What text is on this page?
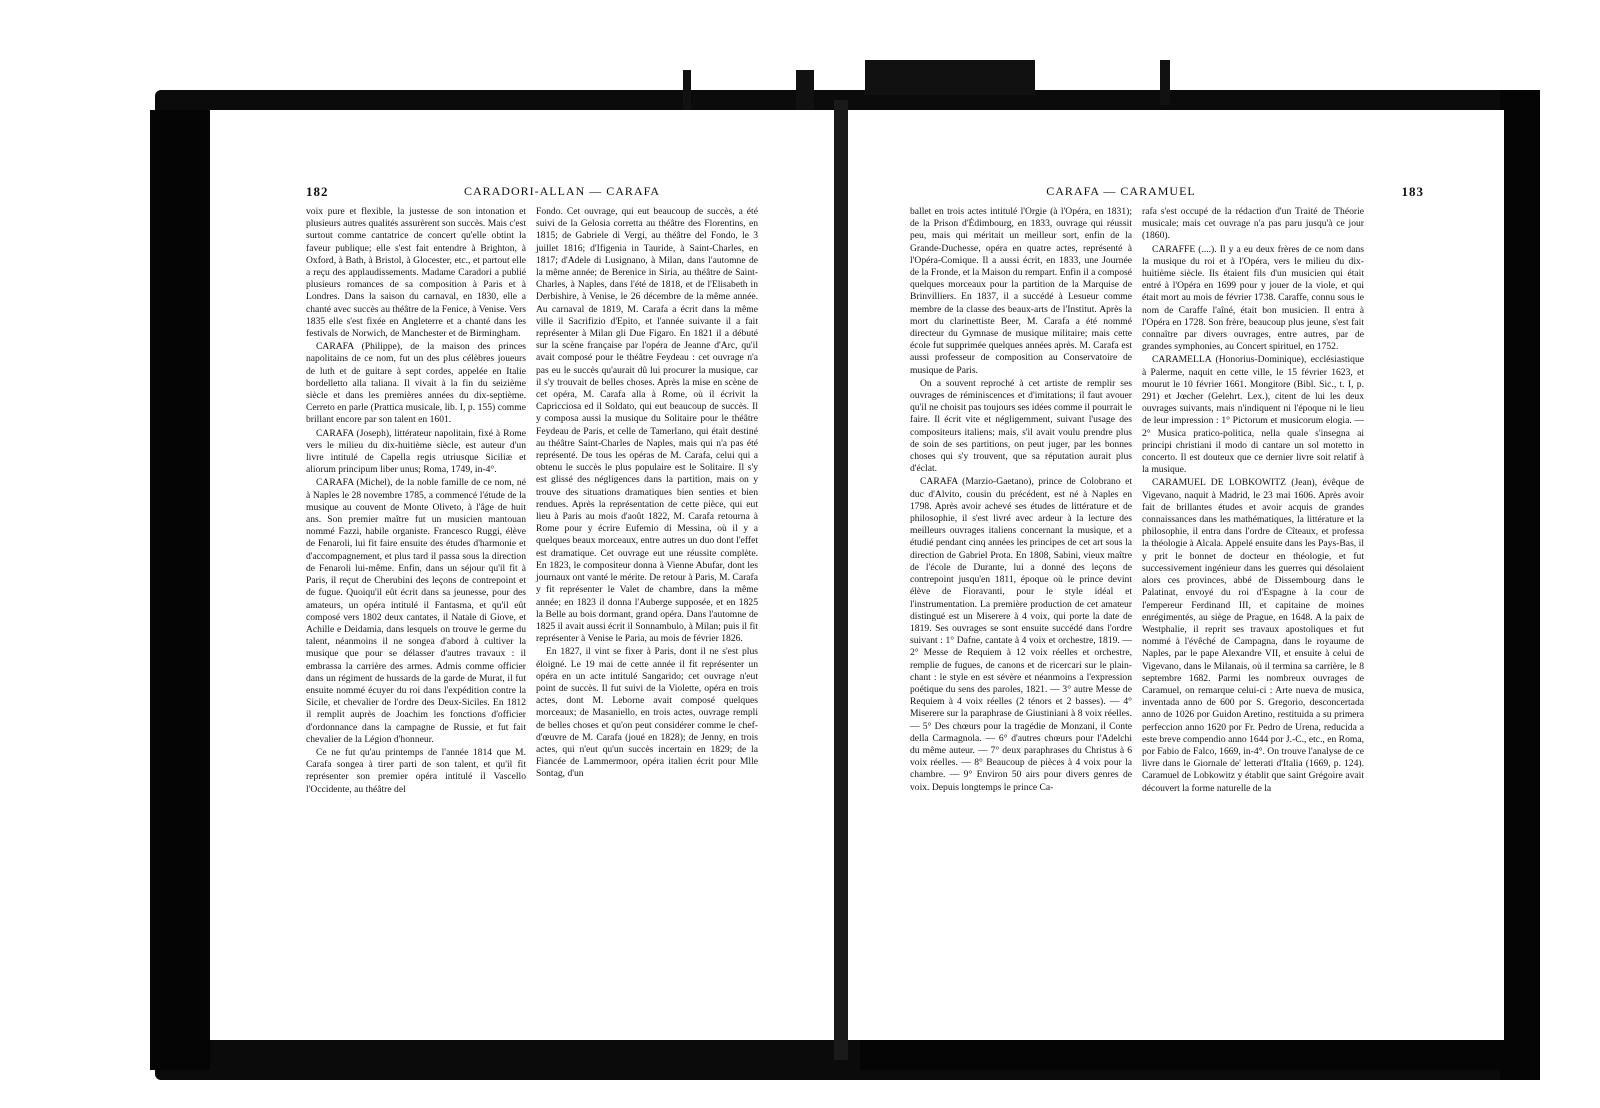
182	CARADORI-ALLAN — CARAFA

voix pure et flexible, la justesse de son intonation et plusieurs autres qualités assurèrent son succès. Mais c'est surtout comme cantatrice de concert qu'elle obtint la faveur publique; elle s'est fait entendre à Brighton, à Oxford, à Bath, à Bristol, à Glocester, etc., et partout elle a reçu des applaudissements. Madame Caradori a publié plusieurs romances de sa composition à Paris et à Londres. Dans la saison du carnaval, en 1830, elle a chanté avec succès au théâtre de la Fenice, à Venise. Vers 1835 elle s'est fixée en Angleterre et a chanté dans les festivals de Norwich, de Manchester et de Birmingham.

CARAFA (Philippe), de la maison des princes napolitains de ce nom, fut un des plus célèbres joueurs de luth et de guitare à sept cordes, appelée en Italie bordelletto alla taliana. Il vivait à la fin du seizième siècle et dans les premières années du dix-septième. Cerreto en parle (Prattica musicale, lib. I, p. 155) comme brillant encore par son talent en 1601.

CARAFA (Joseph), littérateur napolitain, fixé à Rome vers le milieu du dix-huitième siècle, est auteur d'un livre intitulé de Capella regis utriusque Siciliæ et aliorum principum liber unus; Roma, 1749, in-4°.

CARAFA (Michel), de la noble famille de ce nom, né à Naples le 28 novembre 1785, a commencé l'étude de la musique au couvent de Monte Oliveto, à l'âge de huit ans. Son premier maître fut un musicien mantouan nommé Fazzi, habile organiste. Francesco Ruggi, élève de Fenaroli, lui fit faire ensuite des études d'harmonie et d'accompagnement, et plus tard il passa sous la direction de Fenaroli lui-même. Enfin, dans un séjour qu'il fit à Paris, il reçut de Cherubini des leçons de contrepoint et de fugue. Quoiqu'il eût écrit dans sa jeunesse, pour des amateurs, un opéra intitulé il Fantasma, et qu'il eût composé vers 1802 deux cantates, il Natale di Giove, et Achille e Deidamia, dans lesquels on trouve le germe du talent, néanmoins il ne songea d'abord à cultiver la musique que pour se délasser d'autres travaux : il embrassa la carrière des armes. Admis comme officier dans un régiment de hussards de la garde de Murat, il fut ensuite nommé écuyer du roi dans l'expédition contre la Sicile, et chevalier de l'ordre des Deux-Siciles. En 1812 il remplit auprès de Joachim les fonctions d'officier d'ordonnance dans la campagne de Russie, et fut fait chevalier de la Légion d'honneur.

Ce ne fut qu'au printemps de l'année 1814 que M. Carafa songea à tirer parti de son talent, et qu'il fit représenter son premier opéra intitulé il Vascello l'Occidente, au théâtre del

Fondo. Cet ouvrage, qui eut beaucoup de succès, a été suivi de la Gelosia corretta au théâtre des Florentins, en 1815; de Gabriele di Vergi, au théâtre del Fondo, le 3 juillet 1816; d'Ifigenia in Tauride, à Saint-Charles, en 1817; d'Adele di Lusignano, à Milan, dans l'automne de la même année; de Berenice in Siria, au théâtre de Saint-Charles, à Naples, dans l'été de 1818, et de l'Elisabeth in Derbishire, à Venise, le 26 décembre de la même année. Au carnaval de 1819, M. Carafa a écrit dans la même ville il Sacrifizio d'Epito, et l'année suivante il a fait représenter à Milan gli Due Figaro. En 1821 il a débuté sur la scène française par l'opéra de Jeanne d'Arc, qu'il avait composé pour le théâtre Feydeau : cet ouvrage n'a pas eu le succès qu'aurait dû lui procurer la musique, car il s'y trouvait de belles choses. Après la mise en scène de cet opéra, M. Carafa alla à Rome, où il écrivit la Capricciosa ed il Soldato, qui eut beaucoup de succès. Il y composa aussi la musique du Solitaire pour le théâtre Feydeau de Paris, et celle de Tamerlano, qui était destiné au théâtre Saint-Charles de Naples, mais qui n'a pas été représenté. De tous les opéras de M. Carafa, celui qui a obtenu le succès le plus populaire est le Solitaire. Il s'y est glissé des négligences dans la partition, mais on y trouve des situations dramatiques bien senties et bien rendues. Après la représentation de cette pièce, qui eut lieu à Paris au mois d'août 1822, M. Carafa retourna à Rome pour y écrire Eufemio di Messina, où il y a quelques beaux morceaux, entre autres un duo dont l'effet est dramatique. Cet ouvrage eut une réussite complète. En 1823, le compositeur donna à Vienne Abufar, dont les journaux ont vanté le mérite. De retour à Paris, M. Carafa y fit représenter le Valet de chambre, dans la même année; en 1823 il donna l'Auberge supposée, et en 1825 la Belle au bois dormant, grand opéra. Dans l'automne de 1825 il avait aussi écrit il Sonnambulo, à Milan; puis il fit représenter à Venise le Paria, au mois de février 1826.

En 1827, il vint se fixer à Paris, dont il ne s'est plus éloigné. Le 19 mai de cette année il fit représenter un opéra en un acte intitulé Sangarido; cet ouvrage n'eut point de succès. Il fut suivi de la Violette, opéra en trois actes, dont M. Leborne avait composé quelques morceaux; de Masaniello, en trois actes, ouvrage rempli de belles choses et qu'on peut considérer comme le chef-d'œuvre de M. Carafa (joué en 1828); de Jenny, en trois actes, qui n'eut qu'un succès incertain en 1829; de la Fiancée de Lammermoor, opéra italien écrit pour Mlle Sontag, d'un

CARAFA — CARAMUEL	183

ballet en trois actes intitulé l'Orgie (à l'Opéra, en 1831); de la Prison d'Édimbourg, en 1833, ouvrage qui réussit peu, mais qui méritait un meilleur sort, enfin de la Grande-Duchesse, opéra en quatre actes, représenté à l'Opéra-Comique. Il a aussi écrit, en 1833, une Journée de la Fronde, et la Maison du rempart. Enfin il a composé quelques morceaux pour la partition de la Marquise de Brinvilliers. En 1837, il a succédé à Lesueur comme membre de la classe des beaux-arts de l'Institut. Après la mort du clarinettiste Beer, M. Carafa a été nommé directeur du Gymnase de musique militaire; mais cette école fut supprimée quelques années après. M. Carafa est aussi professeur de composition au Conservatoire de musique de Paris.

On a souvent reproché à cet artiste de remplir ses ouvrages de réminiscences et d'imitations; il faut avouer qu'il ne choisit pas toujours ses idées comme il pourrait le faire. Il écrit vite et négligemment, suivant l'usage des compositeurs italiens; mais, s'il avait voulu prendre plus de soin de ses partitions, on peut juger, par les bonnes choses qui s'y trouvent, que sa réputation aurait plus d'éclat.

CARAFA (Marzio-Gaetano), prince de Colobrano et duc d'Alvito, cousin du précédent, est né à Naples en 1798. Après avoir achevé ses études de littérature et de philosophie, il s'est livré avec ardeur à la lecture des meilleurs ouvrages italiens concernant la musique, et a étudié pendant cinq années les principes de cet art sous la direction de Gabriel Prota. En 1808, Sabini, vieux maître de l'école de Durante, lui a donné des leçons de contrepoint jusqu'en 1811, époque où le prince devint élève de Fioravanti, pour le style idéal et l'instrumentation. La première production de cet amateur distingué est un Miserere à 4 voix, qui porte la date de 1819. Ses ouvrages se sont ensuite succédé dans l'ordre suivant : 1° Dafne, cantate à 4 voix et orchestre, 1819. — 2° Messe de Requiem à 12 voix réelles et orchestre, remplie de fugues, de canons et de ricercari sur le plain-chant : le style en est sévère et néanmoins a l'expression poétique du sens des paroles, 1821. — 3° autre Messe de Requiem à 4 voix réelles (2 ténors et 2 basses). — 4° Miserere sur la paraphrase de Giustiniani à 8 voix réelles. — 5° Des chœurs pour la tragédie de Monzani, il Conte della Carmagnola. — 6° d'autres chœurs pour l'Adelchi du même auteur. — 7° deux paraphrases du Christus à 6 voix réelles. — 8° Beaucoup de pièces à 4 voix pour la chambre. — 9° Environ 50 airs pour divers genres de voix. Depuis longtemps le prince Ca-

rafa s'est occupé de la rédaction d'un Traité de Théorie musicale; mais cet ouvrage n'a pas paru jusqu'à ce jour (1860).

CARAFFE (....). Il y a eu deux frères de ce nom dans la musique du roi et à l'Opéra, vers le milieu du dix-huitième siècle. Ils étaient fils d'un musicien qui était entré à l'Opéra en 1699 pour y jouer de la viole, et qui était mort au mois de février 1738. Caraffe, connu sous le nom de Caraffe l'aîné, était bon musicien. Il entra à l'Opéra en 1728. Son frère, beaucoup plus jeune, s'est fait connaître par divers ouvrages, entre autres, par de grandes symphonies, au Concert spirituel, en 1752.

CARAMELLA (Honorius-Dominique), ecclésiastique à Palerme, naquit en cette ville, le 15 février 1623, et mourut le 10 février 1661. Mongitore (Bibl. Sic., t. I, p. 291) et Jœcher (Gelehrt. Lex.), citent de lui les deux ouvrages suivants, mais n'indiquent ni l'époque ni le lieu de leur impression : 1° Pictorum et musicorum elogia. — 2° Musica pratico-politica, nella quale s'insegna ai principi christiani il modo di cantare un sol motetto in concerto. Il est douteux que ce dernier livre soit relatif à la musique.

CARAMUEL DE LOBKOWITZ (Jean), évêque de Vigevano, naquit à Madrid, le 23 mai 1606. Après avoir fait de brillantes études et avoir acquis de grandes connaissances dans les mathématiques, la littérature et la philosophie, il entra dans l'ordre de Cîteaux, et professa la théologie à Alcala. Appelé ensuite dans les Pays-Bas, il y prit le bonnet de docteur en théologie, et fut successivement ingénieur dans les guerres qui désolaient alors ces provinces, abbé de Dissembourg dans le Palatinat, envoyé du roi d'Espagne à la cour de l'empereur Ferdinand III, et capitaine de moines enrégimentés, au siège de Prague, en 1648. A la paix de Westphalie, il reprit ses travaux apostoliques et fut nommé à l'évêché de Campagna, dans le royaume de Naples, par le pape Alexandre VII, et ensuite à celui de Vigevano, dans le Milanais, où il termina sa carrière, le 8 septembre 1682. Parmi les nombreux ouvrages de Caramuel, on remarque celui-ci : Arte nueva de musica, inventada anno de 600 por S. Gregorio, desconcertada anno de 1026 por Guidon Aretino, restituida a su primera perfeccion anno 1620 por Fr. Pedro de Urena, reducida a este breve compendio anno 1644 por J.-C., etc., en Roma, por Fabio de Falco, 1669, in-4°. On trouve l'analyse de ce livre dans le Giornale de' letterati d'Italia (1669, p. 124). Caramuel de Lobkowitz y établit que saint Grégoire avait découvert la forme naturelle de la
